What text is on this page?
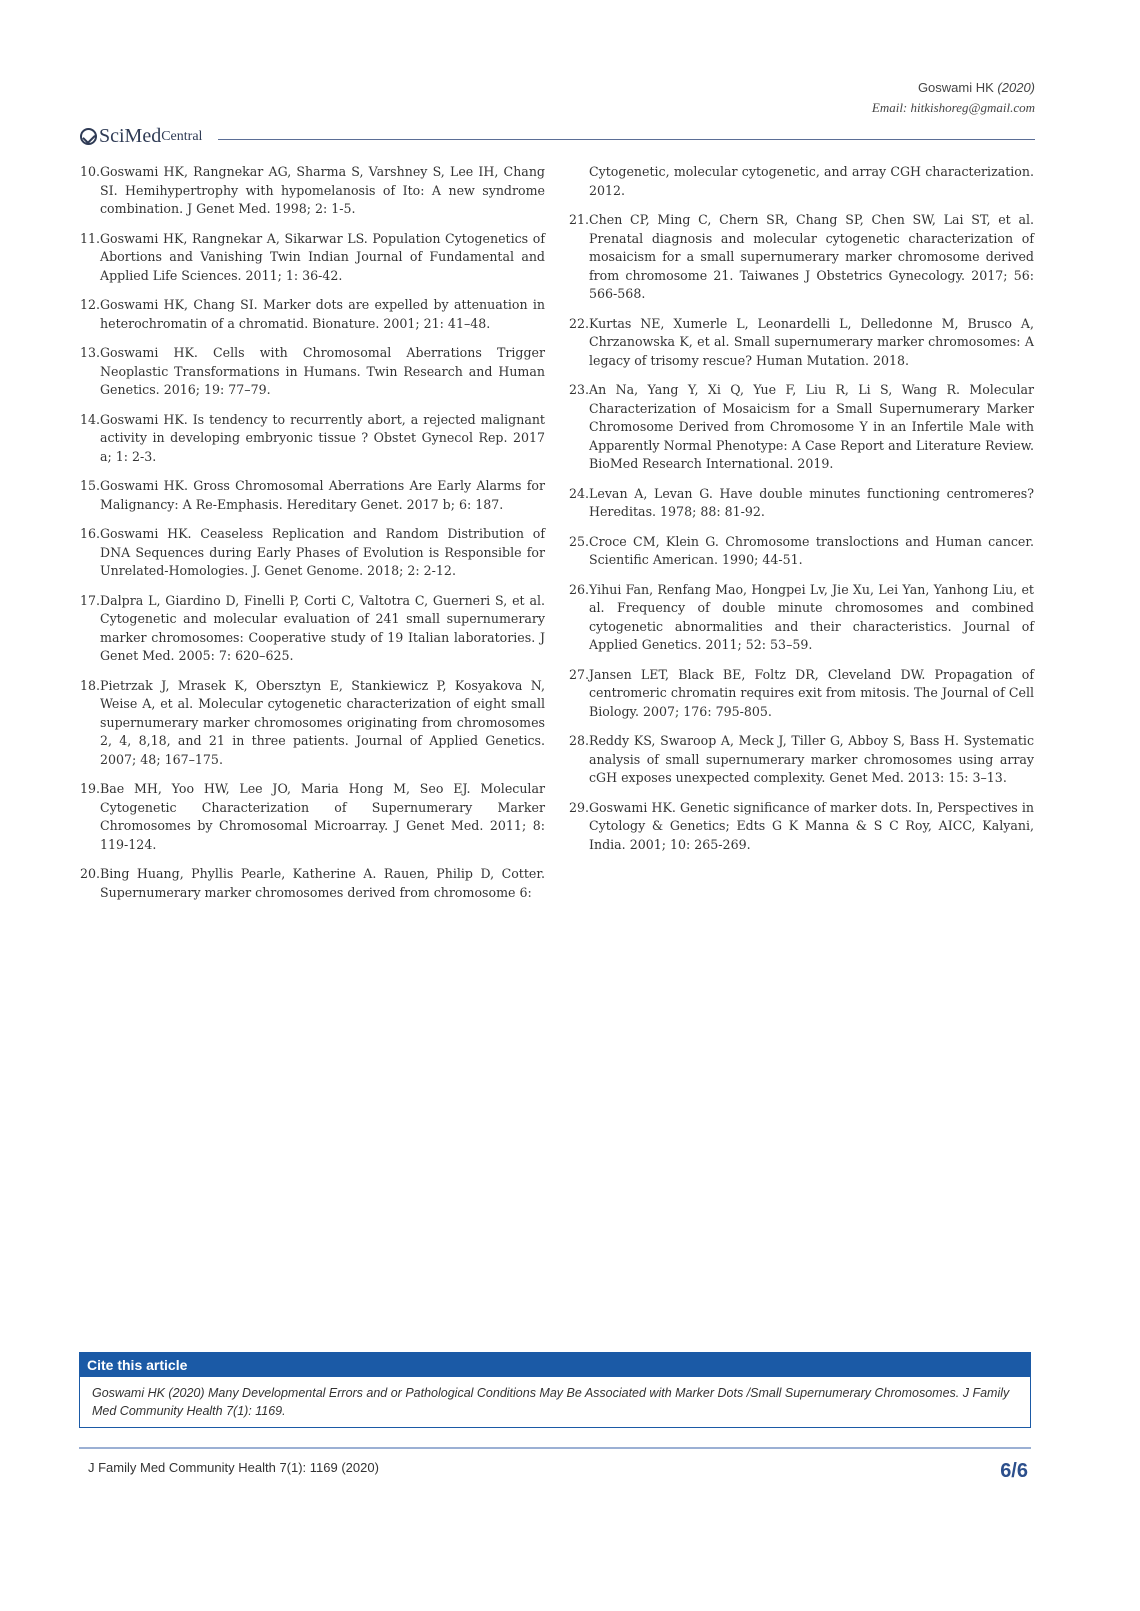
Goswami HK (2020)
Email: hitkishoreg@gmail.com
SciMed Central
10. Goswami HK, Rangnekar AG, Sharma S, Varshney S, Lee IH, Chang SI. Hemihypertrophy with hypomelanosis of Ito: A new syndrome combination. J Genet Med. 1998; 2: 1-5.
11. Goswami HK, Rangnekar A, Sikarwar LS. Population Cytogenetics of Abortions and Vanishing Twin Indian Journal of Fundamental and Applied Life Sciences. 2011; 1: 36-42.
12. Goswami HK, Chang SI. Marker dots are expelled by attenuation in heterochromatin of a chromatid. Bionature. 2001; 21: 41–48.
13. Goswami HK. Cells with Chromosomal Aberrations Trigger Neoplastic Transformations in Humans. Twin Research and Human Genetics. 2016; 19: 77–79.
14. Goswami HK. Is tendency to recurrently abort, a rejected malignant activity in developing embryonic tissue ? Obstet Gynecol Rep. 2017 a; 1: 2-3.
15. Goswami HK. Gross Chromosomal Aberrations Are Early Alarms for Malignancy: A Re-Emphasis. Hereditary Genet. 2017 b; 6: 187.
16. Goswami HK. Ceaseless Replication and Random Distribution of DNA Sequences during Early Phases of Evolution is Responsible for Unrelated-Homologies. J. Genet Genome. 2018; 2: 2-12.
17. Dalpra L, Giardino D, Finelli P, Corti C, Valtotra C, Guerneri S, et al. Cytogenetic and molecular evaluation of 241 small supernumerary marker chromosomes: Cooperative study of 19 Italian laboratories. J Genet Med. 2005: 7: 620–625.
18. Pietrzak J, Mrasek K, Obersztyn E, Stankiewicz P, Kosyakova N, Weise A, et al. Molecular cytogenetic characterization of eight small supernumerary marker chromosomes originating from chromosomes 2, 4, 8,18, and 21 in three patients. Journal of Applied Genetics. 2007; 48; 167–175.
19. Bae MH, Yoo HW, Lee JO, Maria Hong M, Seo EJ. Molecular Cytogenetic Characterization of Supernumerary Marker Chromosomes by Chromosomal Microarray. J Genet Med. 2011; 8: 119-124.
20. Bing Huang, Phyllis Pearle, Katherine A. Rauen, Philip D, Cotter. Supernumerary marker chromosomes derived from chromosome 6:
Cytogenetic, molecular cytogenetic, and array CGH characterization. 2012.
21. Chen CP, Ming C, Chern SR, Chang SP, Chen SW, Lai ST, et al. Prenatal diagnosis and molecular cytogenetic characterization of mosaicism for a small supernumerary marker chromosome derived from chromosome 21. Taiwanes J Obstetrics Gynecology. 2017; 56: 566-568.
22. Kurtas NE, Xumerle L, Leonardelli L, Delledonne M, Brusco A, Chrzanowska K, et al. Small supernumerary marker chromosomes: A legacy of trisomy rescue? Human Mutation. 2018.
23. An Na, Yang Y, Xi Q, Yue F, Liu R, Li S, Wang R. Molecular Characterization of Mosaicism for a Small Supernumerary Marker Chromosome Derived from Chromosome Y in an Infertile Male with Apparently Normal Phenotype: A Case Report and Literature Review. BioMed Research International. 2019.
24. Levan A, Levan G. Have double minutes functioning centromeres? Hereditas. 1978; 88: 81-92.
25. Croce CM, Klein G. Chromosome transloctions and Human cancer. Scientific American. 1990; 44-51.
26. Yihui Fan, Renfang Mao, Hongpei Lv, Jie Xu, Lei Yan, Yanhong Liu, et al. Frequency of double minute chromosomes and combined cytogenetic abnormalities and their characteristics. Journal of Applied Genetics. 2011; 52: 53–59.
27. Jansen LET, Black BE, Foltz DR, Cleveland DW. Propagation of centromeric chromatin requires exit from mitosis. The Journal of Cell Biology. 2007; 176: 795-805.
28. Reddy KS, Swaroop A, Meck J, Tiller G, Abboy S, Bass H. Systematic analysis of small supernumerary marker chromosomes using array cGH exposes unexpected complexity. Genet Med. 2013: 15: 3–13.
29. Goswami HK. Genetic significance of marker dots. In, Perspectives in Cytology & Genetics; Edts G K Manna & S C Roy, AICC, Kalyani, India. 2001; 10: 265-269.
Cite this article
Goswami HK (2020) Many Developmental Errors and or Pathological Conditions May Be Associated with Marker Dots /Small Supernumerary Chromosomes. J Family Med Community Health 7(1): 1169.
J Family Med Community Health 7(1): 1169 (2020)	6/6
